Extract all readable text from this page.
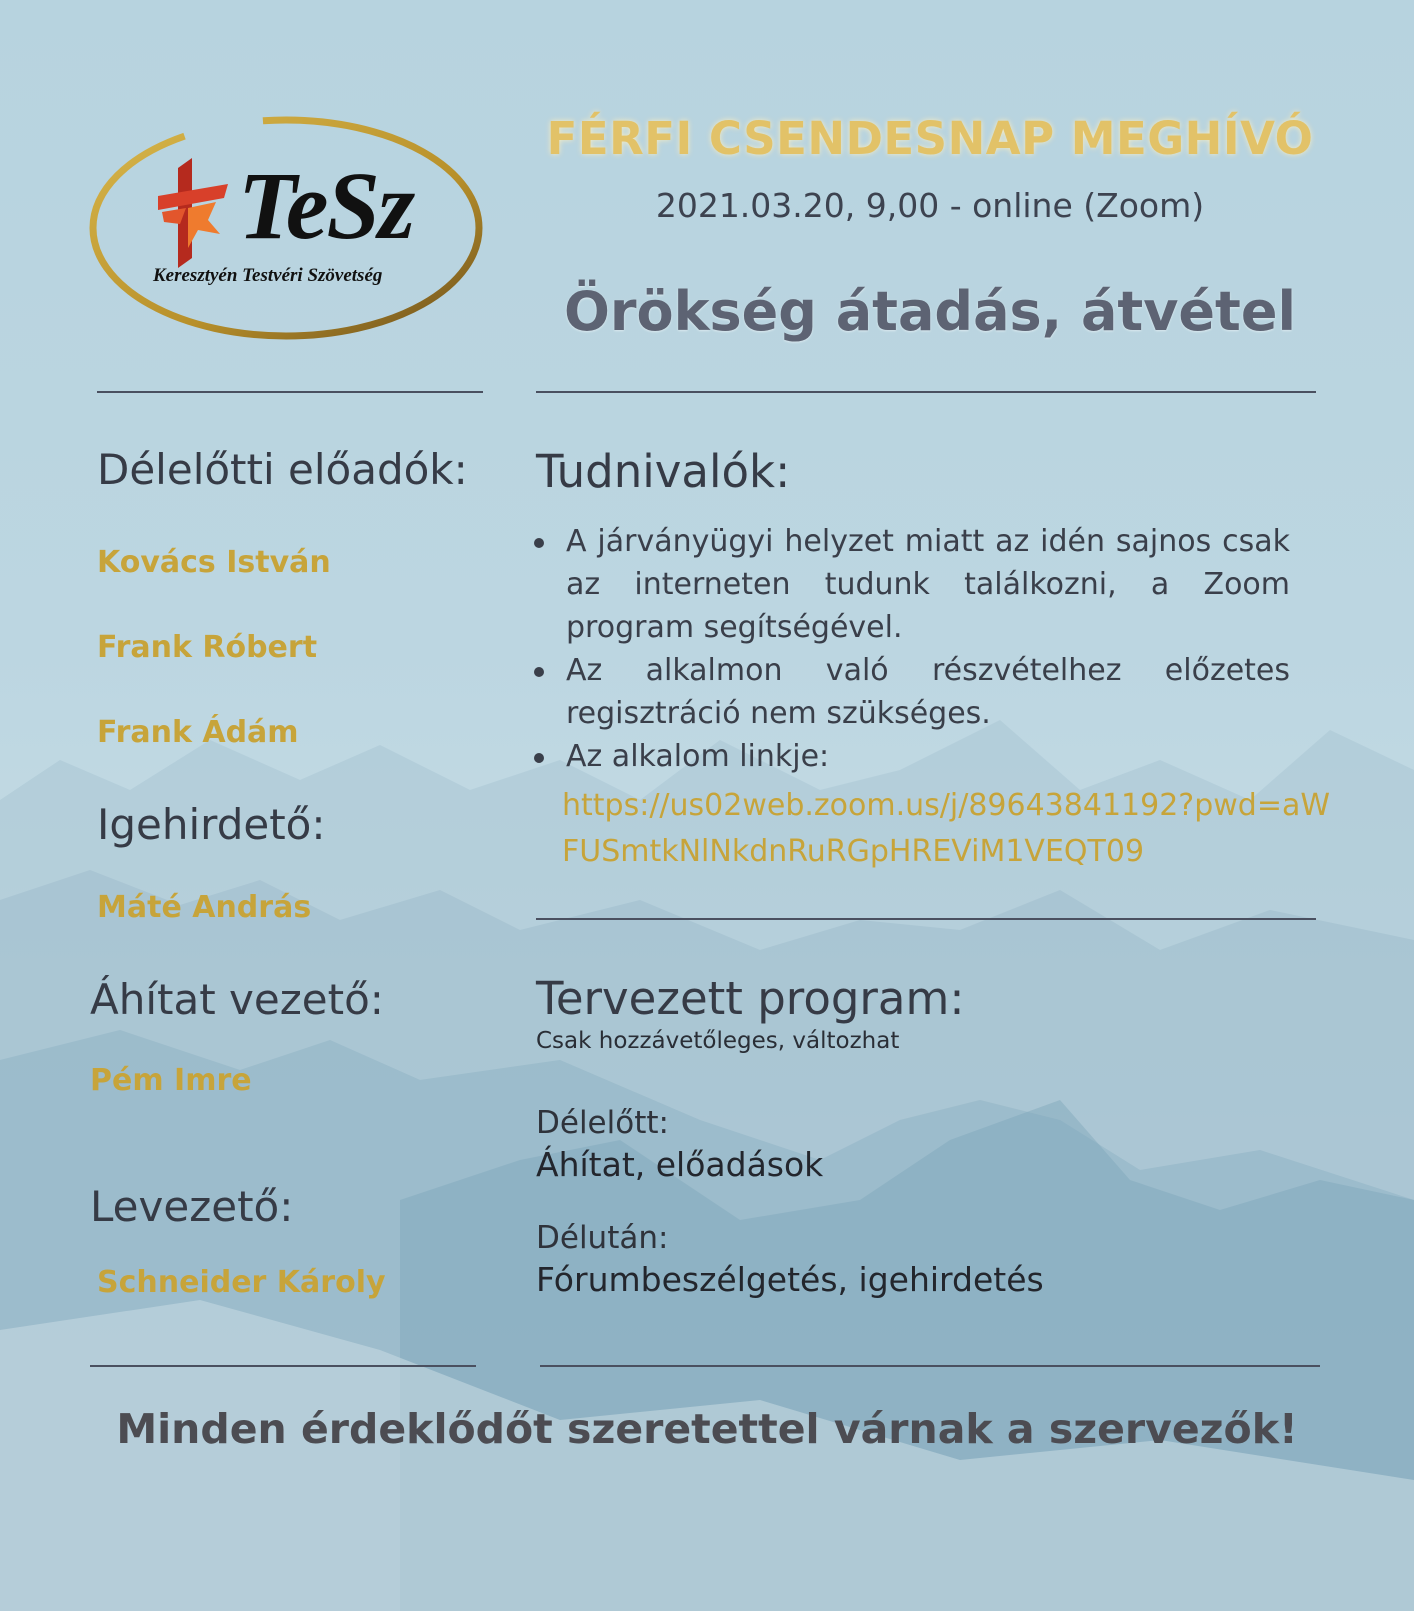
TeSz
Keresztyén Testvéri Szövetség
FÉRFI CSENDESNAP MEGHÍVÓ
2021.03.20, 9,00 - online (Zoom)
Örökség átadás, átvétel
Délelőtti előadók:
Kovács István
Frank Róbert
Frank Ádám
Igehirdető:
Máté András
Áhítat vezető:
Pém Imre
Levezető:
Schneider Károly
Tudnivalók:
A járványügyi helyzet miatt az idén sajnos csak az interneten tudunk találkozni, a Zoom program segítségével.
Az alkalmon való részvételhez előzetes regisztráció nem szükséges.
Az alkalom linkje:
https://us02web.zoom.us/j/89643841192?pwd=aWFUSmtkNlNkdnRuRGpHREViM1VEQT09
Tervezett program:
Csak hozzávetőleges, változhat
Délelőtt:
Áhítat, előadások
Délután:
Fórumbeszélgetés, igehirdetés
Minden érdeklődőt szeretettel várnak a szervezők!
